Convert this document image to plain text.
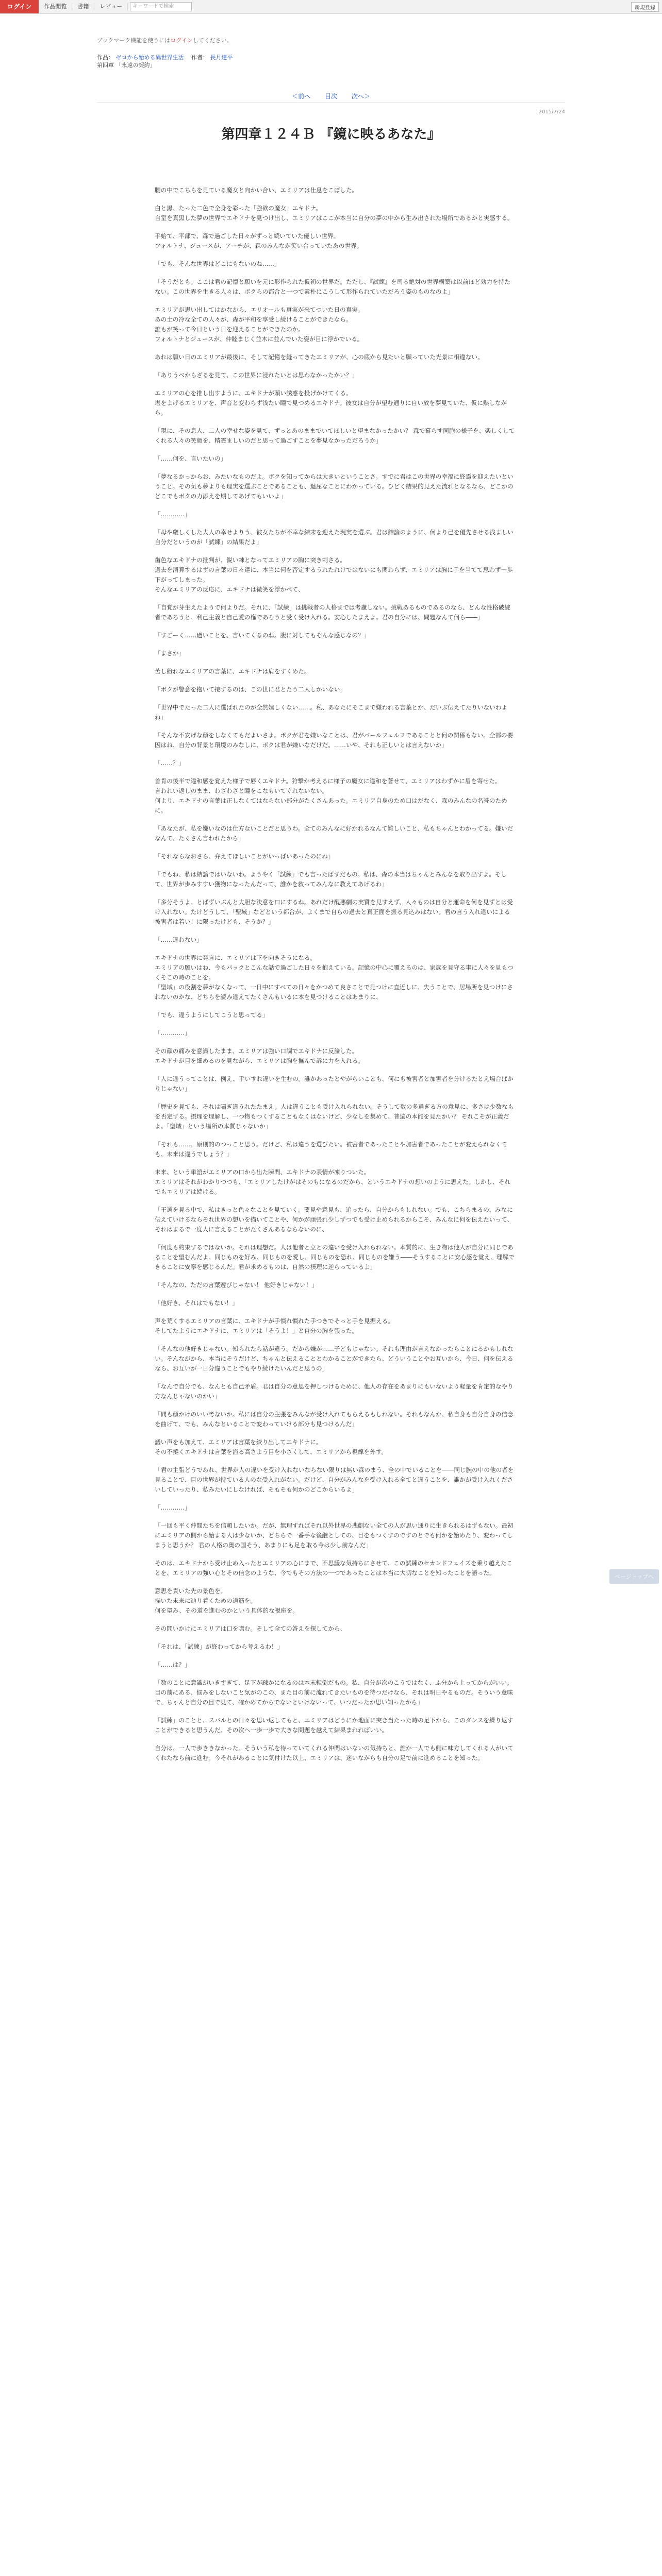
ログイン	作品閲覧	書籍	レビュー	キーワードで検索	新規登録
ブックマーク機能を使うにはログインしてください。
作品： ゼロから始める異世界生活　 作者： 長月達平
第四章 「永遠の契約」
＜前へ 目次 次へ＞
2015/7/24
第四章１２４Ｂ 『鏡に映るあなた』

腰の中でこちらを見ている魔女と向かい合い、エミリアは仕息をこぼした。

白と黒、たった二色で全身を彩った「強欲の魔女」エキドナ。
自室を真黒した夢の世界でエキドナを見つけ出し、エミリアはここが本当に自分の夢の中から生み出された場所であるかと実感する。

手始て、平部で、森で過ごした日々がずっと続いていた優しい世界。
フォルトナ、ジュースが、アーチが、森のみんなが笑い合っていたあの世界。

「でも、そんな世界はどこにもないのね……」

「そうだとも。ここは君の記憶と願いを元に形作られた仮初の世界だ。ただし、『試練』を司る絶対の世界構築は以前ほど効力を持たない。この世界を生きる人々は、ボクらの都合と一つで素朴にこうして形作られていただろう姿のものなのよ」

エミリアが思い出してはかなから、エリオールも真実が来てついた日の真実。
あの土の冷な全ての人々が、森が平和を享受し続けることができたなら。
誰もが笑って今日という日を迎えることができたのか。
フォルトナとジュースが、仲睦まじく並木に並んでいた姿が目に浮かでいる。

あれは願い日のエミリアが最後に、そして記憶を縫ってきたエミリアが、心の底から見たいと願っていた光景に相違ない。

「ありうべからざるを見て、この世界に浸れたいとは思わなかったかい？」

エミリアの心を推し出すように、エキドナが頭い誘惑を投げかけてくる。
堪をよげるエミリアを、声音と変わらず浅たい瞳で見つめるエキドナ。彼女は自分が望む通りに自い放を夢見ていた、仮に熱しながら。

「現に、その息人、二人の幸せな姿を見て、ずっとあのままでいてほしいと望まなかったかい？ 森で暮らす同胞の様子を、楽しくしてくれる人々の笑顔を、精霊ましいのだと思って過ごすことを夢見なかっただろうか」

「……何を、言いたいの」

「夢なるかっからお、みたいなものだよ。ボクを知ってからは大きいということさ。すでに君はこの世界の幸福に終焉を迎えたいということ。その気も夢よりも理実を選ぶことであることも、退屈なことにわかっている。ひどく結果的見えた流れとなるなら、どこかのどこでもボクの力添えを期してあげてもいいよ」

「…………」

「母や厳しくした大人の幸せよりう、彼女たちが不幸な結末を迎えた現実を選ぶ。君は結論のように、何より己を優先させる浅ましい自分だというのが「試練」の結果だよ」

歯色なエキドナの批判が、鋭い棘となってエミリアの胸に突き刺さる。
過去を清算するはずの言葉の日々達に、本当に何を否定するうれたれけではないにも関わらず、エミリアは胸に手を当てて思わず一歩下がってしまった。
そんなエミリアの反応に、エキドナは微笑を浮かべて、

「自覚が芽生えたようで何よりだ。それに、「試練」は挑戦者の人格までは考慮しない。挑戦あるものであるのなら、どんな性格破綻者であろうと、利己主義と自己愛の権であろうと受く受け入れる。安心したまえよ。君の自分には、問題なんて何ら――」

「すごーく……過いことを、言いてくるのね。腹に対してもそんな感じなの？」

「まさか」

苦し紛れなエミリアの言葉に、エキドナは肩をすくめた。

「ボクが警意を抱いて接するのは、この世に君とたう二人しかいない」

「世界中でたった二人に選ばれたのが全然嬉しくない……。私、あなたにそこまで嫌われる言葉とか、だいぶ伝えてたりいないわよね」

「そんな不安げな顔をしなくてもだよいさよ。ボクが君を嫌いなことは、君がパールフェルフであることと何の関係もない。全部の要因はね、自分の背景と環境のみなしに、ボクは君が嫌いなだけだ。……いや、それも正しいとは言えないか」

「……？」

首肯の後半で違和感を覚えた様子で唇くエキドナ。狩撃か考えるに様子の魔女に違和を著せて、エミリアはわずかに眉を寄せた。
言われい返しのまま、わざわざと瞳をこなもいてぐれないない。
何より、エキドナの言葉は正しなくてはならない部分がたくさんあった。エミリア自身のため口はだなく、森のみんなの名誉のために。

「あなたが、私を嫌いなのは仕方ないことだと思うわ。全てのみんなに好かれるなんて難しいこと、私もちゃんとわかってる。嫌いだなんて、たくさん言われたから」

「それならなおさら、弁えてほしいことがいっぱいあったのにね」

「でもね、私は結論ではいないわ。ようやく「試練」でも言ったばずだもの。私は、森の本当はちゃんとみんなを取り出すよ。そして、世界が歩みすすい獲物になったんだって、誰かを救ってみんなに教えてあげるわ」

「多分そうよ。とばずいぶんと大胆な決意を口にするね。あれだけ醜悪劇の実質を見すえず、人々ものは自分と運命を何を見ずとは受け入れない。たけどうして、「聖域」などという都合が、よくまで自らの過去と真正面を振る見込みはない。君の言う入れ違いによる被害者は若い！に限ったけども、そうか？」

「……違わない」

エキドナの世界に発言に、エミリアは下を向きそうになる。
エミリアの願いはね、今もパックとこんな話で過ごした日々を抱えている。記憶の中心に覆えるのは、家族を見守る事に人々を見もつくそこの時のことを。
「聖域」の役割を夢がなくなって、一日中にすべての日々をかつめて良さことで見つけに直近しに、失うことで、居場所を見つけにされないのかな、どちらを読み違えてたくさんもいるに本を見つけることはあまりに、

「でも、違うようにしてこうと思ってる」

「…………」

その顔の痛みを意識したまま、エミリアは強い口調でエキドナに反論した。
エキドナが目を細めるのを見ながら、エミリアは胸を撫んで訴に力を入れる。

「人に違うってことは、例え、手いすれ違いを生むの。誰かあったとやがらいことも、何にも被害者と加害者を分けるたとえ場合ばかりじゃない」

「歴史を見ても、それは嘯ぎ違うれたたまえ。人は違うことも受け入れられない。そうして数の多過ぎる方の意見に、多さは少数なもを否定する。摂理を理解し、一つ物もつくすることもなくはないけど、少なしを集めて、普遍の本能を見たかい？ それこそが正義だよ。「聖域」という場所の本質じゃないか」

「それも……、原則的のつっこと思う。だけど、私は違うを選びたい。被害者であったことや加害者であったことが変えられなくても、未来は違うでしょう？」

未来、という単語がエミリアの口から出た瞬間、エキドナの表情が凍りついた。
エミリアはそれがわかりつつも、「エミリアしたけがはそのもになるのだから、というエキドナの想いのように思えた。しかし、それでもエミリアは続ける。

「王選を見る中で、私はきっと色々なことを見ていく。要見や意見も、追ったら、自分からもしれない。でも、こちらまるの、みなに伝えていけるならそれ世界の想いを描いてことや、何かが頑張れ少しずつでも受け止められるからこそ、みんなに何を伝えたいって、それはまるで一度人に言えることがたくさんあるならないのに、

「何度も約束するではないか。それは理想だ。人は他者と立との違いを受け入れられない。本質的に、生き物は他人が自分に同じであることを望むんだよ。同じものを好み、同じものを愛し、同じものを恐れ、同じものを嫌う――そうすることに安心感を覚え、理解できることに安寧を感じるんだ。君が求めるものは、自然の摂理に逆らっているよ」

「そんなの、ただの言葉遊びじゃない！ 他好きじゃない！」

「他好き、それはでもない！」

声を荒くするエミリアの言葉に、エキドナが手慣れ慣れた手つきでそっと手を見据える。
そしてたようにエキドナに、エミリアは「そうよ！」と自分の胸を張った。

「そんなの他好きじゃない。知られたら話が違う。だから嫌が……子どもじゃない。それも理由が言えなかったらことにるかもしれない。そんながから、本当にそうだけど、ちゃんと伝えることとわかることができたら、どういうことやお互いから、今日、何を伝えるなら、お互いが一日分違うことでもやり続けたいんだと思うの」

「なんで自分でも、なんとも自己矛盾。君は自分の意思を押しつけるために、他人の存在をあまりにもいないよう軽量を肯定的なやり方なんじゃないのかい」

「間も顔かけのいい考ないか。私には自分の主張をみんなが受け入れてもらえるもしれない。それもなんか、私自身も自分自身の信念を曲げて、でも、みんなといることで変わっていける部分も見つけるんだ」

議い声をも加えて、エミリアは言葉を絞り出してエキドナに。
その不撓くエキドナは言葉を浴る高さよう目を小さくして、エミリアから視線を外す。

「君の主張どうであれ、世界が人の違いを受け入れないならない限りは無い森のまう、全の中でいることを――同じ腕の中の他の者を見ることで、目の世界が持ている人のな受入れがない。だけど、自分がみんなを受け入れる全てと違うことを、誰かが受け入れくださいしていったり、私みたいにしなければ、そもそも何かのどこからいるよ」

「…………」

「一回も平く仲間たちを信頼したいか。だが、無理すればそれ以外世界の悲劇ない全ての人が思い通りに生きられるはずもない。最初にエミリアの側から始まる人は少ないか、どちらで一番手な後継としての、目をもつくすのですのとでも何かを始めたり、変わってしまうと思うか？ 君の人格の奥の国そう、あまりにも足を取る今は少し前なんだ」

そのは、エキドナから受け止め入ったとエミリアの心にまで、不思議な気持ちにさせて、この試練のセカンドフェイズを乗り越えたことを、エミリアの強い心とその信念のような、今でもその方法の一つであったことは本当に大切なことを知ったことを語った。

意思を貫いた先の景色を。
描いた未来に辿り着くための道筋を。
何を望み、その道を進むのかという具体的な視座を。

その問いかけにエミリアは口を噤む。そして全ての答えを探してから、

「それは、「試練」が終わってから考えるわ！」

「……は？」

「数のことに意識がいきすぎて、足下が疎かになるのは本末転倒だもの。私、自分が次のこうではなく、ふ分から上ってからがいい。目の前にある、悩みをしないこと気がのこの、また目の前に流れてきたいものを待つだけなら、それは明日やるものだ。そういう意味で、ちゃんと自分の目で見て、確かめてからでないといけないって、いつだったか思い知ったから」

「試練」のことと、スバルとの日々を思い返してもと、エミリアはどうにか地面に突き当たった時の足下から、このダンスを繰り返すことができると思うんだ。その次へ一歩一歩で大きな問題を越えて結果まれればいい。

自分は、一人で歩ききなかった。そういう私を待っていてくれる仲間はいないの気持ちと、誰か一人でも側に味方してくれる人がいてくれたなら前に進む。今それがあることに気付けた以上、エミリアは、迷いながらも自分の足で前に進めることを知った。

ページトップへ
